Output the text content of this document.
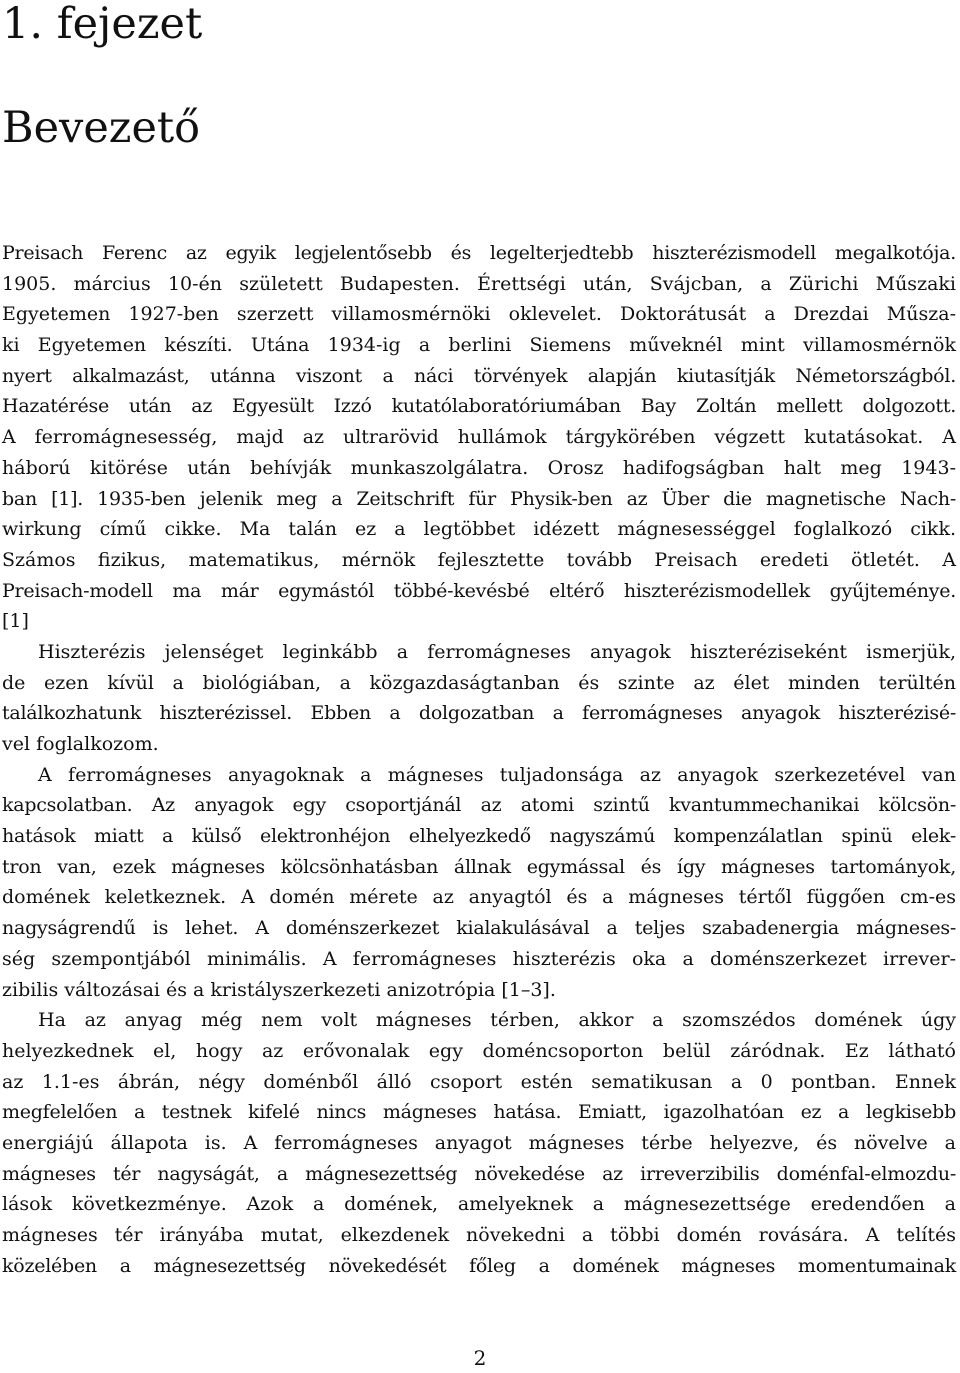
1. fejezet
Bevezető
Preisach Ferenc az egyik legjelentősebb és legelterjedtebb hiszterézismodell megalkotója.
1905. március 10-én született Budapesten. Érettségi után, Svájcban, a Zürichi Műszaki
Egyetemen 1927-ben szerzett villamosmérnöki oklevelet. Doktorátusát a Drezdai Műsza-
ki Egyetemen készíti. Utána 1934-ig a berlini Siemens műveknél mint villamosmérnök
nyert alkalmazást, utánna viszont a náci törvények alapján kiutasítják Németországból.
Hazatérése után az Egyesült Izzó kutatólaboratóriumában Bay Zoltán mellett dolgozott.
A ferromágnesesség, majd az ultrarövid hullámok tárgykörében végzett kutatásokat. A
háború kitörése után behívják munkaszolgálatra. Orosz hadifogságban halt meg 1943-
ban [1]. 1935-ben jelenik meg a Zeitschrift für Physik-ben az Über die magnetische Nach-
wirkung című cikke. Ma talán ez a legtöbbet idézett mágnesességgel foglalkozó cikk.
Számos fizikus, matematikus, mérnök fejlesztette tovább Preisach eredeti ötletét. A
Preisach-modell ma már egymástól többé-kevésbé eltérő hiszterézismodellek gyűjteménye.
[1]
Hiszterézis jelenséget leginkább a ferromágneses anyagok hiszteréziseként ismerjük,
de ezen kívül a biológiában, a közgazdaságtanban és szinte az élet minden terültén
találkozhatunk hiszterézissel. Ebben a dolgozatban a ferromágneses anyagok hiszterézisé-
vel foglalkozom.
A ferromágneses anyagoknak a mágneses tuljadonsága az anyagok szerkezetével van
kapcsolatban. Az anyagok egy csoportjánál az atomi szintű kvantummechanikai kölcsön-
hatások miatt a külső elektronhéjon elhelyezkedő nagyszámú kompenzálatlan spinü elek-
tron van, ezek mágneses kölcsönhatásban állnak egymással és így mágneses tartományok,
domének keletkeznek. A domén mérete az anyagtól és a mágneses tértől függően cm-es
nagyságrendű is lehet. A doménszerkezet kialakulásával a teljes szabadenergia mágneses-
ség szempontjából minimális. A ferromágneses hiszterézis oka a doménszerkezet irrever-
zibilis változásai és a kristályszerkezeti anizotrópia [1–3].
Ha az anyag még nem volt mágneses térben, akkor a szomszédos domének úgy
helyezkednek el, hogy az erővonalak egy doméncsoporton belül záródnak. Ez látható
az 1.1-es ábrán, négy doménből álló csoport estén sematikusan a 0 pontban. Ennek
megfelelően a testnek kifelé nincs mágneses hatása. Emiatt, igazolhatóan ez a legkisebb
energiájú állapota is. A ferromágneses anyagot mágneses térbe helyezve, és növelve a
mágneses tér nagyságát, a mágnesezettség növekedése az irreverzibilis doménfal-elmozdu-
lások következménye. Azok a domének, amelyeknek a mágnesezettsége eredendően a
mágneses tér irányába mutat, elkezdenek növekedni a többi domén rovására. A telítés
közelében a mágnesezettség növekedését főleg a domének mágneses momentumainak
2
